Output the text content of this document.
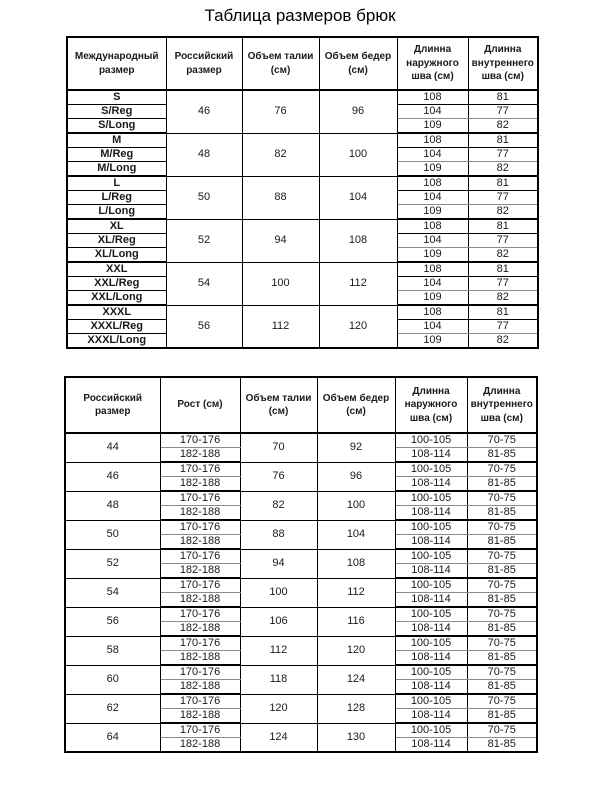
Таблица размеров брюк
Международный размер	Российский размер	Объем талии (см)	Объем бедер (см)	Длинна наружного шва (см)	Длинна внутреннего шва (см)
S	46	76	96	108	81
S/Reg				104	77
S/Long				109	82
M	48	82	100	108	81
M/Reg				104	77
M/Long				109	82
L	50	88	104	108	81
L/Reg				104	77
L/Long				109	82
XL	52	94	108	108	81
XL/Reg				104	77
XL/Long				109	82
XXL	54	100	112	108	81
XXL/Reg				104	77
XXL/Long				109	82
XXXL	56	112	120	108	81
XXXL/Reg				104	77
XXXL/Long				109	82
Российский размер	Рост (см)	Объем талии (см)	Объем бедер (см)	Длинна наружного шва (см)	Длинна внутреннего шва (см)
44	170-176	70	92	100-105	70-75
	182-188			108-114	81-85
46	170-176	76	96	100-105	70-75
	182-188			108-114	81-85
48	170-176	82	100	100-105	70-75
	182-188			108-114	81-85
50	170-176	88	104	100-105	70-75
	182-188			108-114	81-85
52	170-176	94	108	100-105	70-75
	182-188			108-114	81-85
54	170-176	100	112	100-105	70-75
	182-188			108-114	81-85
56	170-176	106	116	100-105	70-75
	182-188			108-114	81-85
58	170-176	112	120	100-105	70-75
	182-188			108-114	81-85
60	170-176	118	124	100-105	70-75
	182-188			108-114	81-85
62	170-176	120	128	100-105	70-75
	182-188			108-114	81-85
64	170-176	124	130	100-105	70-75
	182-188			108-114	81-85
